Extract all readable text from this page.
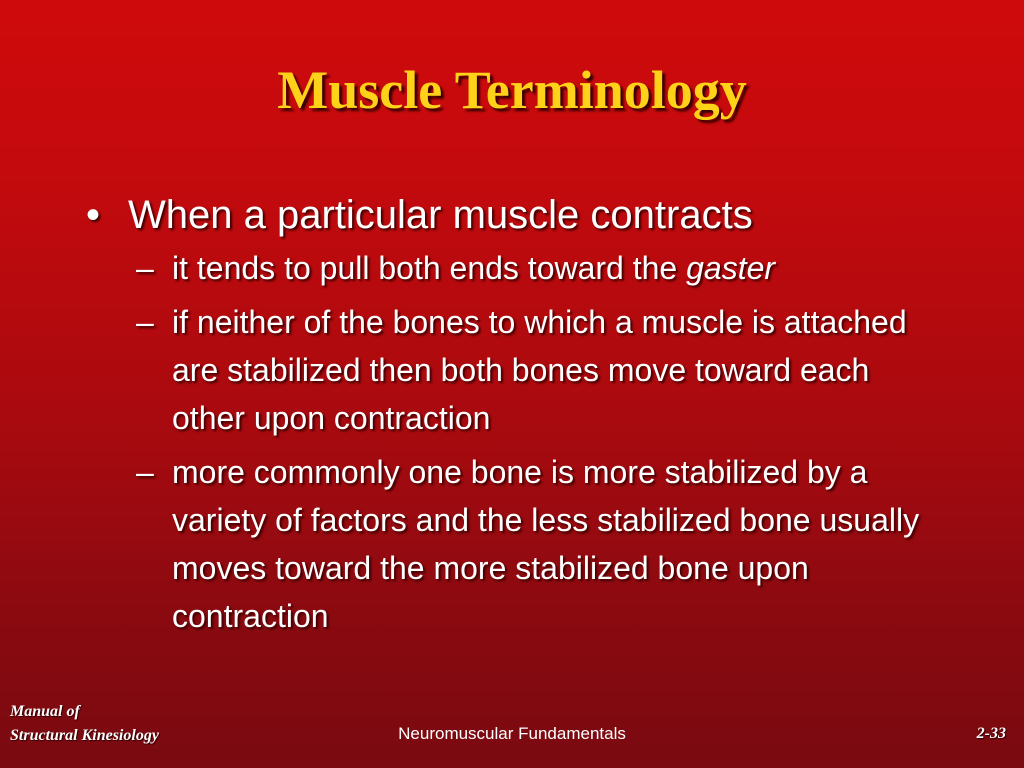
Muscle Terminology
• When a particular muscle contracts
– it tends to pull both ends toward the gaster
– if neither of the bones to which a muscle is attached are stabilized then both bones move toward each other upon contraction
– more commonly one bone is more stabilized by a variety of factors and the less stabilized bone usually moves toward the more stabilized bone upon contraction
Manual of
Structural Kinesiology	Neuromuscular Fundamentals	2-33
